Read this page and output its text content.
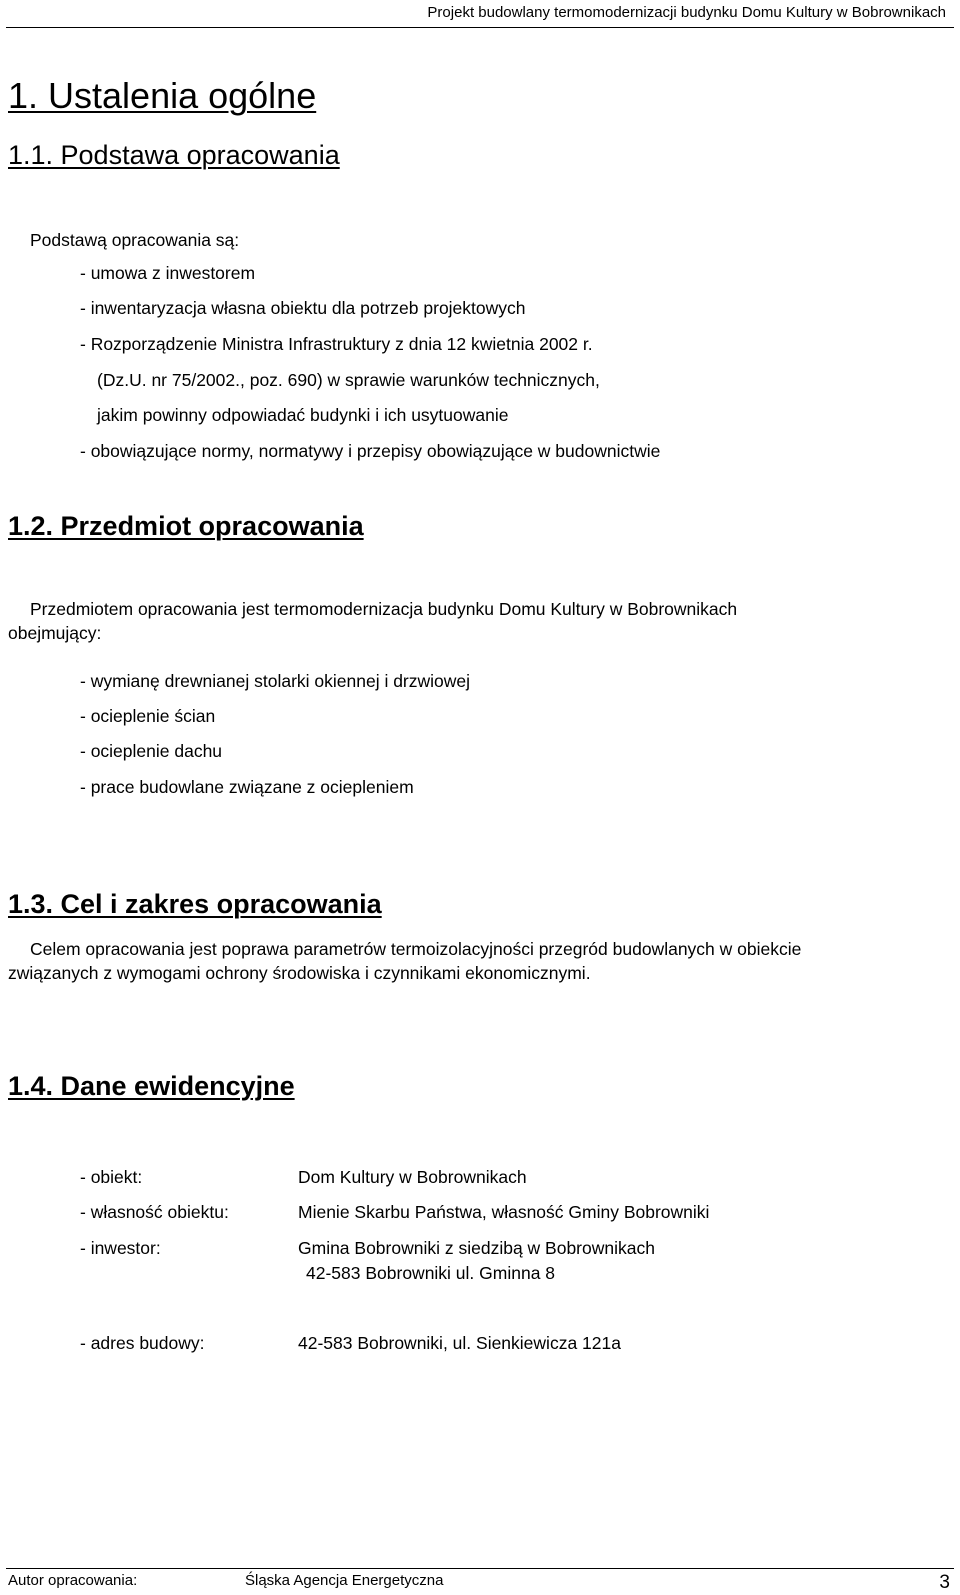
Projekt budowlany termomodernizacji budynku Domu Kultury w Bobrownikach
1. Ustalenia ogólne
1.1. Podstawa opracowania
Podstawą opracowania są:
- umowa z inwestorem
- inwentaryzacja własna obiektu dla potrzeb projektowych
- Rozporządzenie Ministra Infrastruktury z dnia 12 kwietnia 2002 r.
(Dz.U. nr 75/2002., poz. 690) w sprawie warunków technicznych,
jakim powinny odpowiadać budynki i ich usytuowanie
- obowiązujące normy, normatywy i przepisy obowiązujące w budownictwie
1.2. Przedmiot opracowania
Przedmiotem opracowania jest termomodernizacja budynku Domu Kultury w Bobrownikach
obejmujący:
- wymianę drewnianej stolarki okiennej i drzwiowej
- ocieplenie ścian
- ocieplenie dachu
- prace budowlane związane z ociepleniem
1.3. Cel i zakres opracowania
Celem opracowania jest poprawa parametrów termoizolacyjności przegród budowlanych w obiekcie
związanych z wymogami ochrony środowiska i czynnikami ekonomicznymi.
1.4. Dane ewidencyjne
- obiekt:	Dom Kultury w Bobrownikach
- własność obiektu:	Mienie Skarbu Państwa, własność Gminy Bobrowniki
- inwestor:	Gmina Bobrowniki z siedzibą w Bobrownikach
42-583 Bobrowniki ul. Gminna 8
- adres budowy:	42-583 Bobrowniki, ul. Sienkiewicza 121a
Autor opracowania:	Śląska Agencja Energetyczna	3
